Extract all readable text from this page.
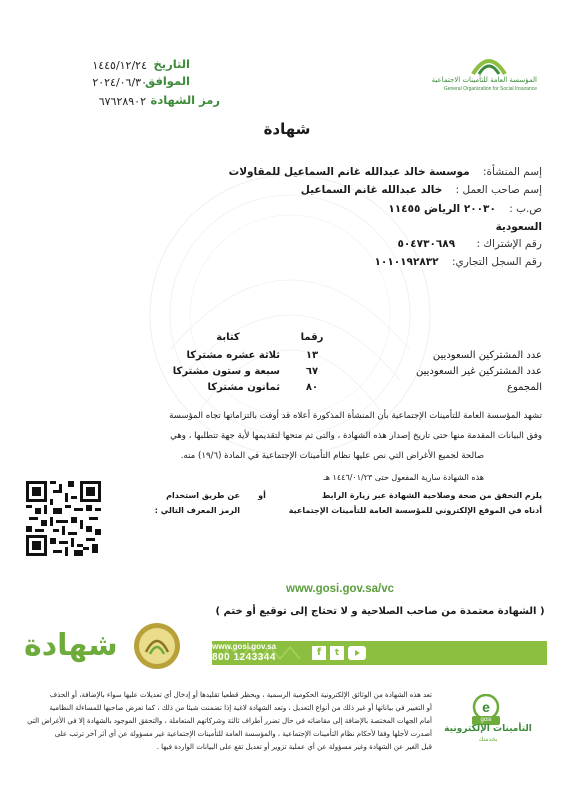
المؤسسة العامة للتأمينات الاجتماعية
General Organization for Social Insurance
التاريخ
١٤٤٥/١٢/٢٤
الموافق
٢٠٢٤/٠٦/٣٠
رمز الشهادة
٦٧٦٢٨٩٠٢
شهادة
إسم المنشأة: موسسة خالد عبدالله غانم السماعيل للمقاولات
إسم صاحب العمل : خالد عبدالله غانم السماعيل
ص.ب : ٢٠٠٣٠ الرياض ١١٤٥٥
السعودية
رقم الإشتراك : ٥٠٤٧٣٠٦٨٩
رقم السجل التجاري: ١٠١٠١٩٢٨٣٢
رقما
كتابة
عدد المشتركين السعوديين
١٣
ثلاثة عشره مشتركا
عدد المشتركين غير السعوديين
٦٧
سبعة و ستون مشتركا
المجموع
٨٠
ثمانون مشتركا
تشهد المؤسسة العامة للتأمينات الإجتماعية بأن المنشأة المذكورة أعلاه قد أوفت بالتزاماتها تجاه المؤسسة
وفق البيانات المقدمة منها حتى تاريخ إصدار هذه الشهادة ، والتى تم منحها لتقديمها لأية جهة تتطلبها ، وهي
صالحة لجميع الأغراض التي نص عليها نظام التأمينات الإجتماعية في المادة (١٩/٦) منه.
هذه الشهادة سارية المفعول حتى ١٤٤٦/٠١/٢٣ هـ
يلزم التحقق من صحة وصلاحية الشهادة عبر زيارة الرابط
أدناه في الموقع الإلكتروني للمؤسسة العامة للتأمينات الإجتماعية
أو
عن طريق استخدام
الرمز المعرف التالي :
www.gosi.gov.sa/vc
( الشهادة معتمدة من صاحب الصلاحية و لا تحتاج إلى توقيع أو ختم )
شهادة	www.gosi.gov.sa
800 1243344	f	t
e
gosi
التأمينات الإلكترونية
بخدمتك
تعد هذه الشهادة من الوثائق الإلكترونية الحكومية الرسمية ، ويحظر قطعيا تقليدها أو إدخال أي تعديلات عليها سواء بالإضافة، أو الحذف
أو التغيير في بياناتها أو غير ذلك من أنواع التعديل ، وتعد الشهادة لاغية إذا تضمنت شيئا من ذلك ، كما تعرض صاحبها للمساءلة النظامية
أمام الجهات المختصة بالإضافة إلى مقاضاته في حال تضرر أطراف ثالثة وشركاتهم المتعاملة ، والتحقق الموجود بالشهادة إلا في الأغراض التي
أصدرت لأجلها وفقا لأحكام نظام التأمينات الإجتماعية ، والمؤسسة العامة للتأمينات الإجتماعية غير مسؤولة عن أي أثر آخر ترتب على
قبل الغير عن الشهادة وغير مسؤولة عن أي عملية تزوير أو تعديل تقع على البيانات الواردة فيها .
